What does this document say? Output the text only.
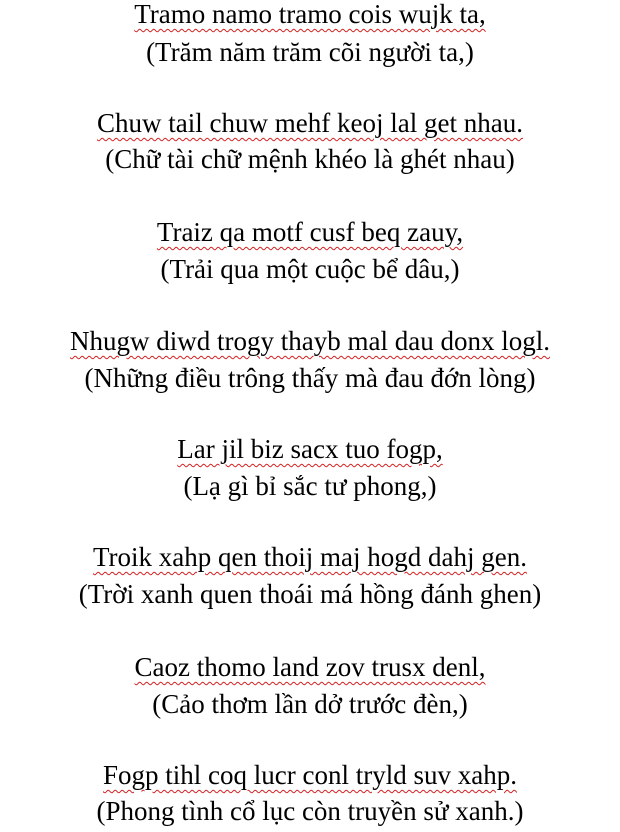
Tramo namo tramo cois wujk ta,
(Trăm năm trăm cõi người ta,)
Chuw tail chuw mehf keoj lal get nhau.
(Chữ tài chữ mệnh khéo là ghét nhau)
Traiz qa motf cusf beq zauy,
(Trải qua một cuộc bể dâu,)
Nhugw diwd trogy thayb mal dau donx logl.
(Những điều trông thấy mà đau đớn lòng)
Lar jil biz sacx tuo fogp,
(Lạ gì bỉ sắc tư phong,)
Troik xahp qen thoij maj hogd dahj gen.
(Trời xanh quen thoái má hồng đánh ghen)
Caoz thomo land zov trusx denl,
(Cảo thơm lần dở trước đèn,)
Fogp tihl coq lucr conl tryld suv xahp.
(Phong tình cổ lục còn truyền sử xanh.)
